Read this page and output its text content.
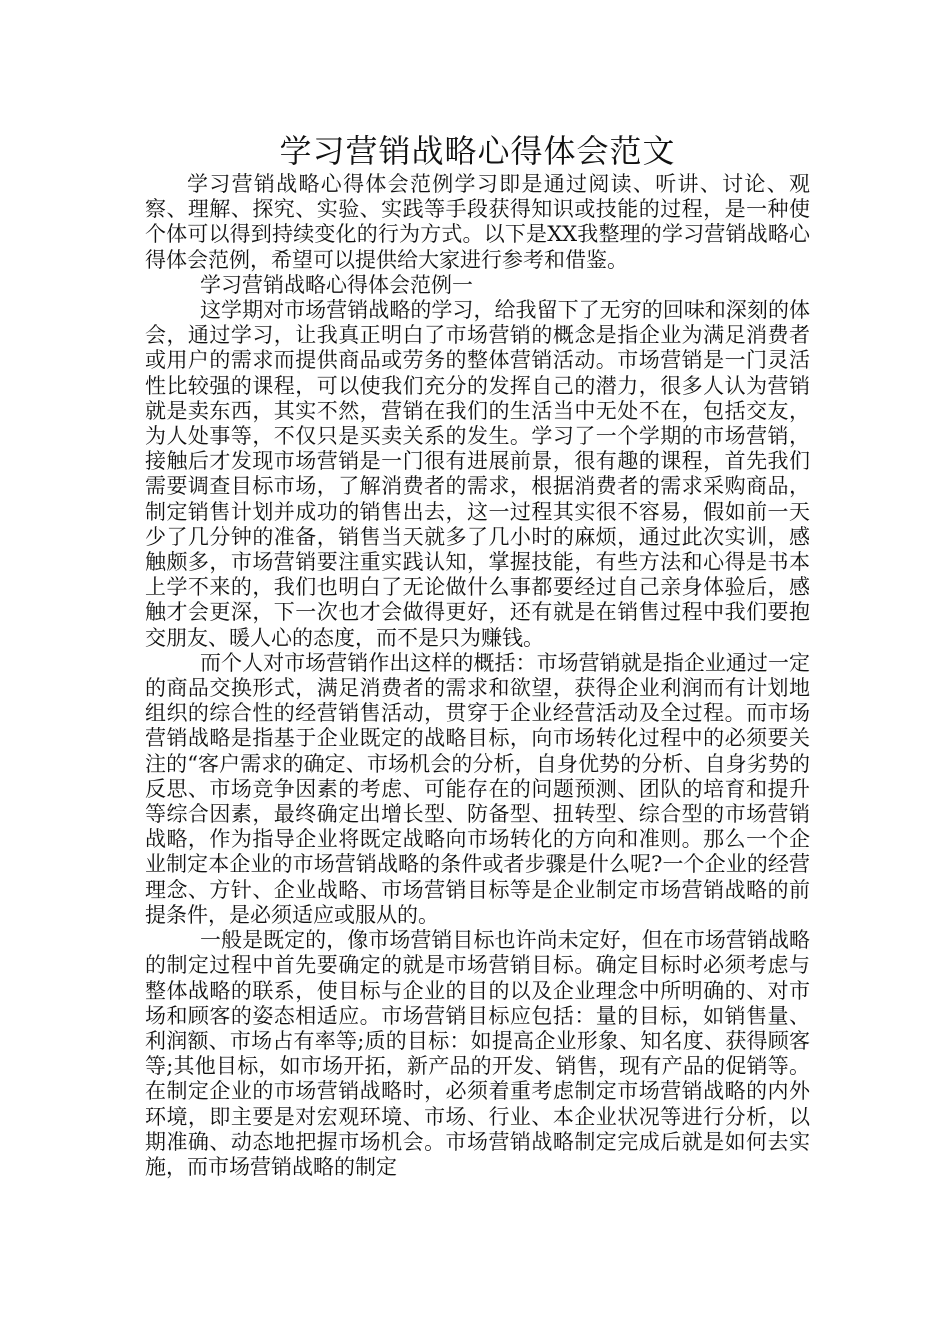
学习营销战略心得体会范文

学习营销战略心得体会范例学习即是通过阅读、听讲、讨论、观察、理解、探究、实验、实践等手段获得知识或技能的过程，是一种使个体可以得到持续变化的行为方式。以下是XX我整理的学习营销战略心得体会范例，希望可以提供给大家进行参考和借鉴。

学习营销战略心得体会范例一

这学期对市场营销战略的学习，给我留下了无穷的回味和深刻的体会，通过学习，让我真正明白了市场营销的概念是指企业为满足消费者或用户的需求而提供商品或劳务的整体营销活动。市场营销是一门灵活性比较强的课程，可以使我们充分的发挥自己的潜力，很多人认为营销就是卖东西，其实不然，营销在我们的生活当中无处不在，包括交友，为人处事等，不仅只是买卖关系的发生。学习了一个学期的市场营销，接触后才发现市场营销是一门很有进展前景，很有趣的课程，首先我们需要调查目标市场，了解消费者的需求，根据消费者的需求采购商品，制定销售计划并成功的销售出去，这一过程其实很不容易，假如前一天少了几分钟的准备，销售当天就多了几小时的麻烦，通过此次实训，感触颇多，市场营销要注重实践认知，掌握技能，有些方法和心得是书本上学不来的，我们也明白了无论做什么事都要经过自己亲身体验后，感触才会更深，下一次也才会做得更好，还有就是在销售过程中我们要抱交朋友、暖人心的态度，而不是只为赚钱。

而个人对市场营销作出这样的概括：市场营销就是指企业通过一定的商品交换形式，满足消费者的需求和欲望，获得企业利润而有计划地组织的综合性的经营销售活动，贯穿于企业经营活动及全过程。而市场营销战略是指基于企业既定的战略目标，向市场转化过程中的必须要关注的“客户需求的确定、市场机会的分析，自身优势的分析、自身劣势的反思、市场竞争因素的考虑、可能存在的问题预测、团队的培育和提升等综合因素，最终确定出增长型、防备型、扭转型、综合型的市场营销战略，作为指导企业将既定战略向市场转化的方向和准则。那么一个企业制定本企业的市场营销战略的条件或者步骤是什么呢?一个企业的经营理念、方针、企业战略、市场营销目标等是企业制定市场营销战略的前提条件，是必须适应或服从的。

一般是既定的，像市场营销目标也许尚未定好，但在市场营销战略的制定过程中首先要确定的就是市场营销目标。确定目标时必须考虑与整体战略的联系，使目标与企业的目的以及企业理念中所明确的、对市场和顾客的姿态相适应。市场营销目标应包括：量的目标，如销售量、利润额、市场占有率等;质的目标：如提高企业形象、知名度、获得顾客等;其他目标，如市场开拓，新产品的开发、销售，现有产品的促销等。在制定企业的市场营销战略时，必须着重考虑制定市场营销战略的内外环境，即主要是对宏观环境、市场、行业、本企业状况等进行分析，以期准确、动态地把握市场机会。市场营销战略制定完成后就是如何去实施，而市场营销战略的制定
